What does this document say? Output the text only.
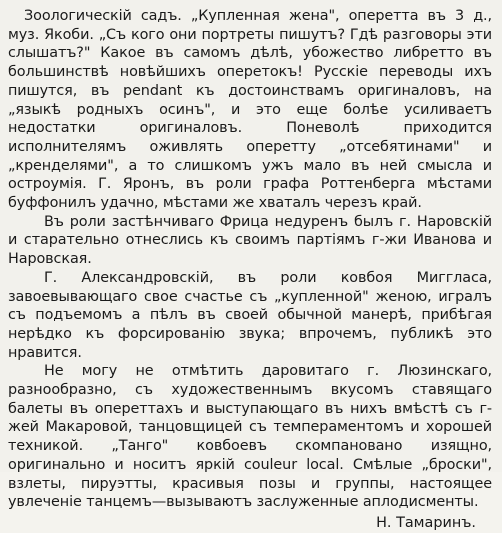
Зоологическій садъ. „Купленная жена", оперетта въ 3 д., муз. Якоби. „Съ кого они портреты пишутъ? Гдѣ разговоры эти слышатъ?" Какое въ самомъ дѣлѣ, убожество либретто въ большинствѣ новѣйшихъ оперетокъ! Русскіе переводы ихъ пишутся, въ pendant къ достоинствамъ оригиналовъ, на „языкѣ родныхъ осинъ", и это еще болѣе усиливаетъ недостатки оригиналовъ. Поневолѣ приходится исполнителямъ оживлять оперетту „отсебятинами" и „кренделями", а то слишкомъ ужъ мало въ ней смысла и остроумія. Г. Яронъ, въ роли графа Роттенберга мѣстами буффонилъ удачно, мѣстами же хваталъ черезъ край.

Въ роли застѣнчиваго Фрица недуренъ былъ г. Наровскій и старательно отнеслись къ своимъ партіямъ г-жи Иванова и Наровская.

Г. Александровскій, въ роли ковбоя Мигглаcа, завоевывающаго свое счастье съ „купленной" женою, игралъ съ подъемомъ а пѣлъ въ своей обычной манерѣ, прибѣгая нерѣдко къ форсированію звука; впрочемъ, публикѣ это нравится.

Не могу не отмѣтить даровитаго г. Люзинскаго, разнообразно, съ художественнымъ вкусомъ ставящаго балеты въ опереттахъ и выступающаго въ нихъ вмѣстѣ съ г-жей Макаровой, танцовщицей съ темпераментомъ и хорошей техникой. „Танго" ковбоевъ скомпановано изящно, оригинально и носитъ яркій couleur local. Смѣлые „броски", взлеты, пируэтты, красивыя позы и группы, настоящее увлеченіе танцемъ—вызываютъ заслуженные аплодисменты.

Н. Тамаринъ.
